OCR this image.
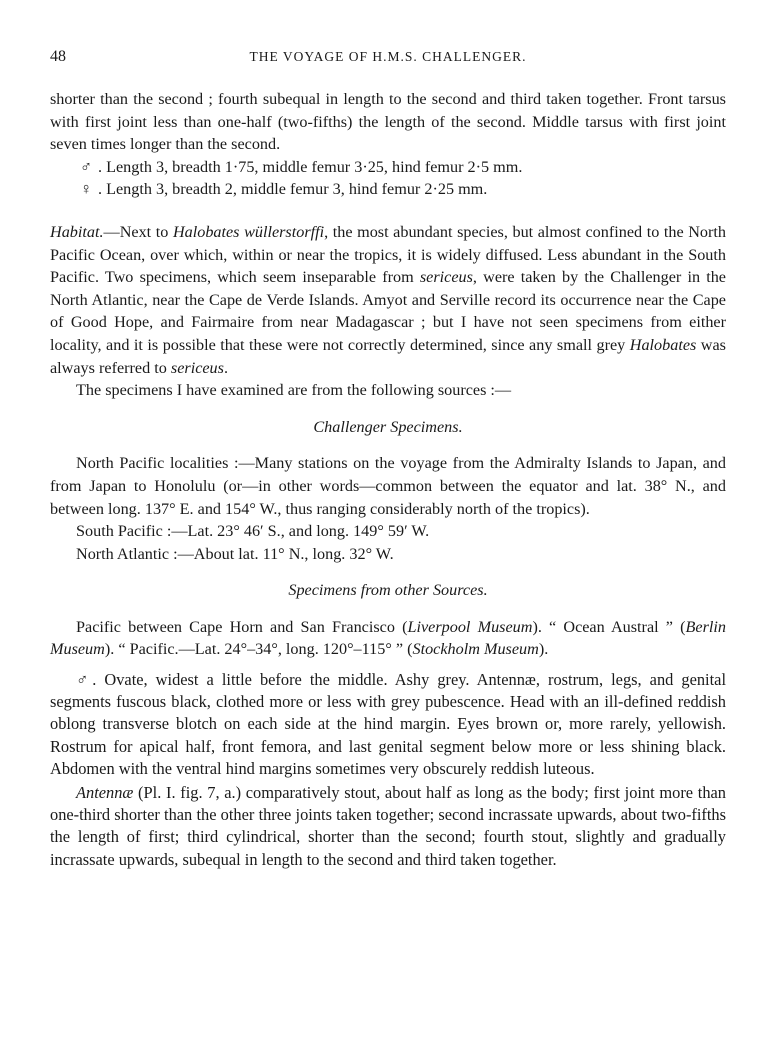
48	THE VOYAGE OF H.M.S. CHALLENGER.

shorter than the second ; fourth subequal in length to the second and third taken together. Front tarsus with first joint less than one-half (two-fifths) the length of the second. Middle tarsus with first joint seven times longer than the second.

♂ . Length 3, breadth 1·75, middle femur 3·25, hind femur 2·5 mm.

♀ . Length 3, breadth 2, middle femur 3, hind femur 2·25 mm.

Habitat.—Next to Halobates wüllerstorffi, the most abundant species, but almost confined to the North Pacific Ocean, over which, within or near the tropics, it is widely diffused. Less abundant in the South Pacific. Two specimens, which seem inseparable from sericeus, were taken by the Challenger in the North Atlantic, near the Cape de Verde Islands. Amyot and Serville record its occurrence near the Cape of Good Hope, and Fairmaire from near Madagascar ; but I have not seen specimens from either locality, and it is possible that these were not correctly determined, since any small grey Halobates was always referred to sericeus.

The specimens I have examined are from the following sources :—

Challenger Specimens.

North Pacific localities :—Many stations on the voyage from the Admiralty Islands to Japan, and from Japan to Honolulu (or—in other words—common between the equator and lat. 38° N., and between long. 137° E. and 154° W., thus ranging considerably north of the tropics).

South Pacific :—Lat. 23° 46′ S., and long. 149° 59′ W.

North Atlantic :—About lat. 11° N., long. 32° W.

Specimens from other Sources.

Pacific between Cape Horn and San Francisco (Liverpool Museum). “ Ocean Austral ” (Berlin Museum). “ Pacific.—Lat. 24°–34°, long. 120°–115° ” (Stockholm Museum).

♂. Ovate, widest a little before the middle. Ashy grey. Antennæ, rostrum, legs, and genital segments fuscous black, clothed more or less with grey pubescence. Head with an ill-defined reddish oblong transverse blotch on each side at the hind margin. Eyes brown or, more rarely, yellowish. Rostrum for apical half, front femora, and last genital segment below more or less shining black. Abdomen with the ventral hind margins sometimes very obscurely reddish luteous.

Antennæ (Pl. I. fig. 7, a.) comparatively stout, about half as long as the body; first joint more than one-third shorter than the other three joints taken together; second incrassate upwards, about two-fifths the length of first; third cylindrical, shorter than the second; fourth stout, slightly and gradually incrassate upwards, subequal in length to the second and third taken together.
